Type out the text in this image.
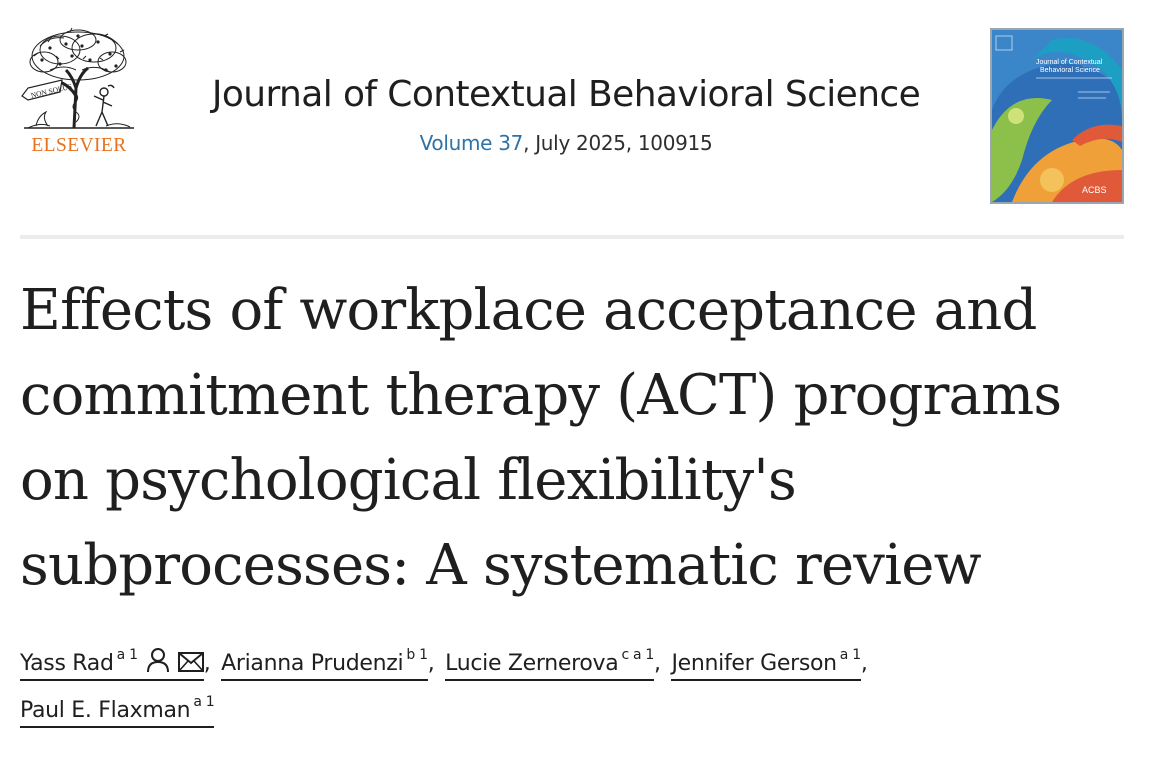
NON SOLUS
ELSEVIER
Journal of Contextual Behavioral Science
Volume 37, July 2025, 100915
Journal of Contextual
Behavioral Science
ACBS
Effects of workplace acceptance and commitment therapy (ACT) programs on psychological flexibility's subprocesses: A systematic review
Yass Rad $^{a 1}$	, Arianna Prudenzi $^{b 1}$, Lucie Zernerova $^{c a 1}$, Jennifer Gerson $^{a 1}$,
Paul E. Flaxman $^{a 1}$
